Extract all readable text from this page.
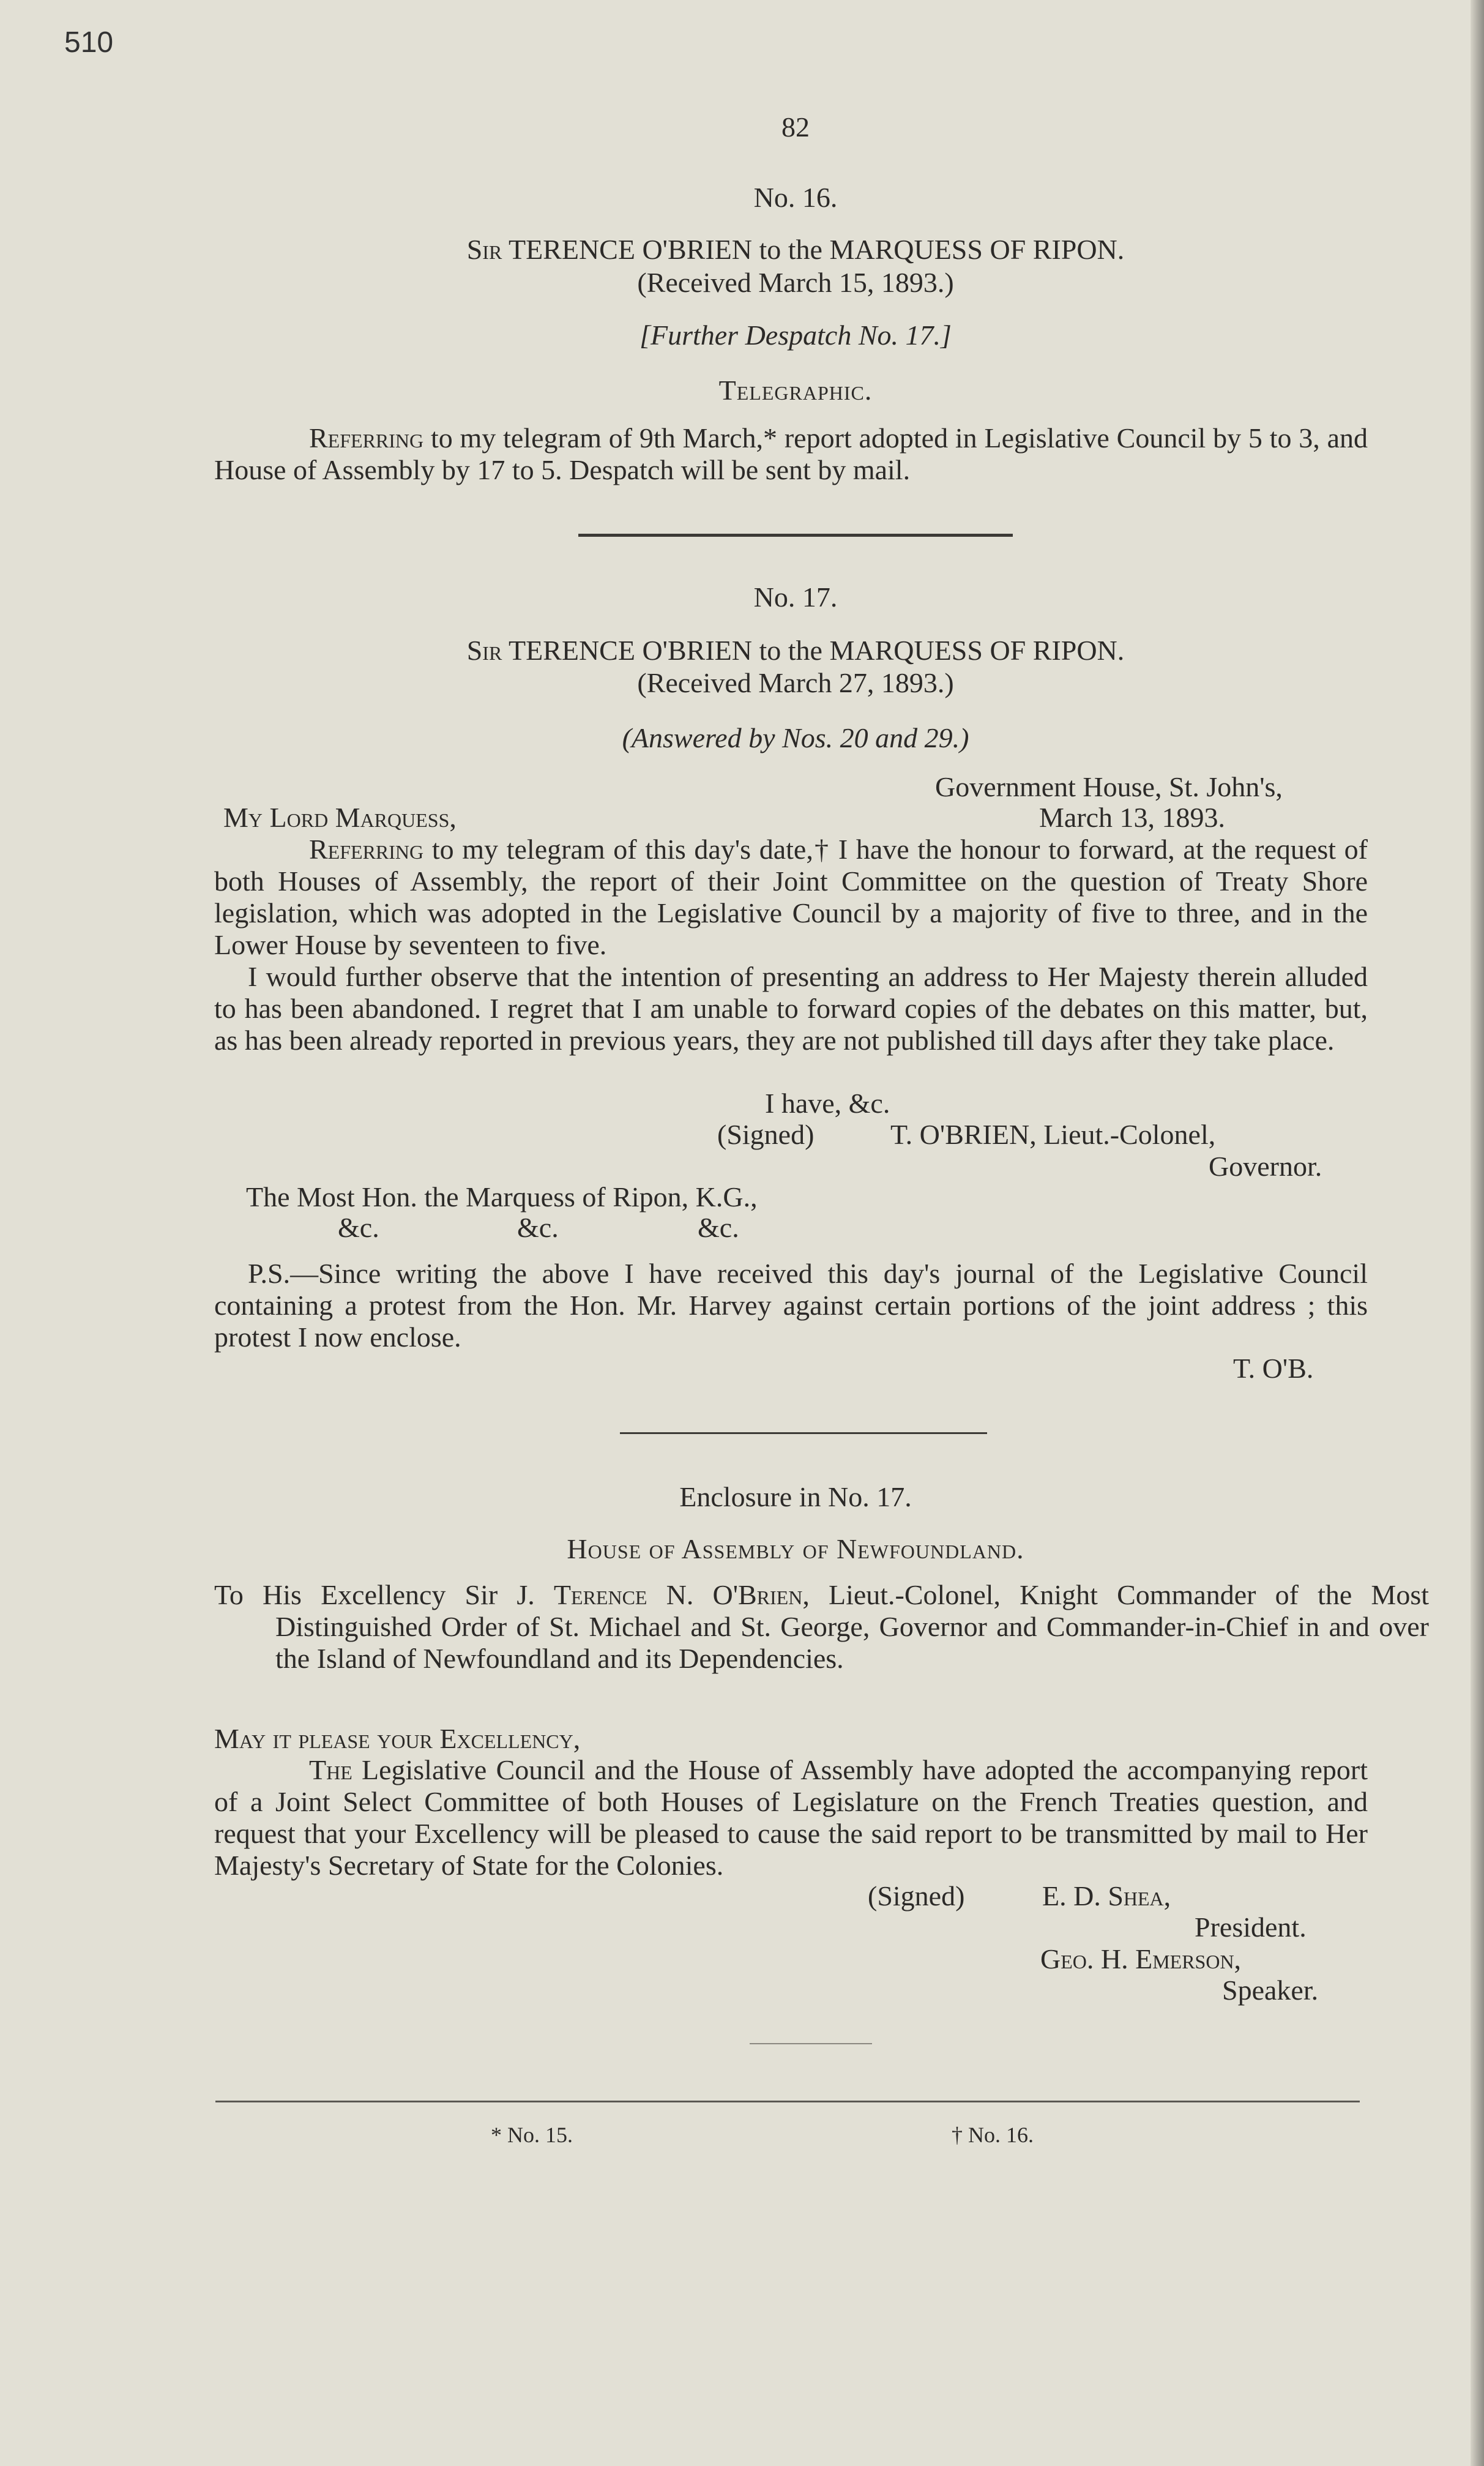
510
82
No. 16.
Sir TERENCE O'BRIEN to the MARQUESS OF RIPON.
(Received March 15, 1893.)
[Further Despatch No. 17.]
Telegraphic.
Referring to my telegram of 9th March,* report adopted in Legislative Council by 5 to 3, and House of Assembly by 17 to 5. Despatch will be sent by mail.
No. 17.
Sir TERENCE O'BRIEN to the MARQUESS OF RIPON.
(Received March 27, 1893.)
(Answered by Nos. 20 and 29.)
Government House, St. John's,
My Lord Marquess,	March 13, 1893.
Referring to my telegram of this day's date,† I have the honour to forward, at the request of both Houses of Assembly, the report of their Joint Committee on the question of Treaty Shore legislation, which was adopted in the Legislative Council by a majority of five to three, and in the Lower House by seventeen to five.
I would further observe that the intention of presenting an address to Her Majesty therein alluded to has been abandoned. I regret that I am unable to forward copies of the debates on this matter, but, as has been already reported in previous years, they are not published till days after they take place.
I have, &c.
(Signed)	T. O'BRIEN, Lieut.-Colonel,
Governor.
The Most Hon. the Marquess of Ripon, K.G.,
&c.	&c.	&c.
P.S.—Since writing the above I have received this day's journal of the Legislative Council containing a protest from the Hon. Mr. Harvey against certain portions of the joint address ; this protest I now enclose.
T. O'B.
Enclosure in No. 17.
House of Assembly of Newfoundland.
To His Excellency Sir J. Terence N. O'Brien, Lieut.-Colonel, Knight Commander of the Most Distinguished Order of St. Michael and St. George, Governor and Commander-in-Chief in and over the Island of Newfoundland and its Dependencies.
May it please your Excellency,
The Legislative Council and the House of Assembly have adopted the accompanying report of a Joint Select Committee of both Houses of Legislature on the French Treaties question, and request that your Excellency will be pleased to cause the said report to be transmitted by mail to Her Majesty's Secretary of State for the Colonies.
(Signed)	E. D. Shea,
President.
Geo. H. Emerson,
Speaker.
* No. 15.	† No. 16.
